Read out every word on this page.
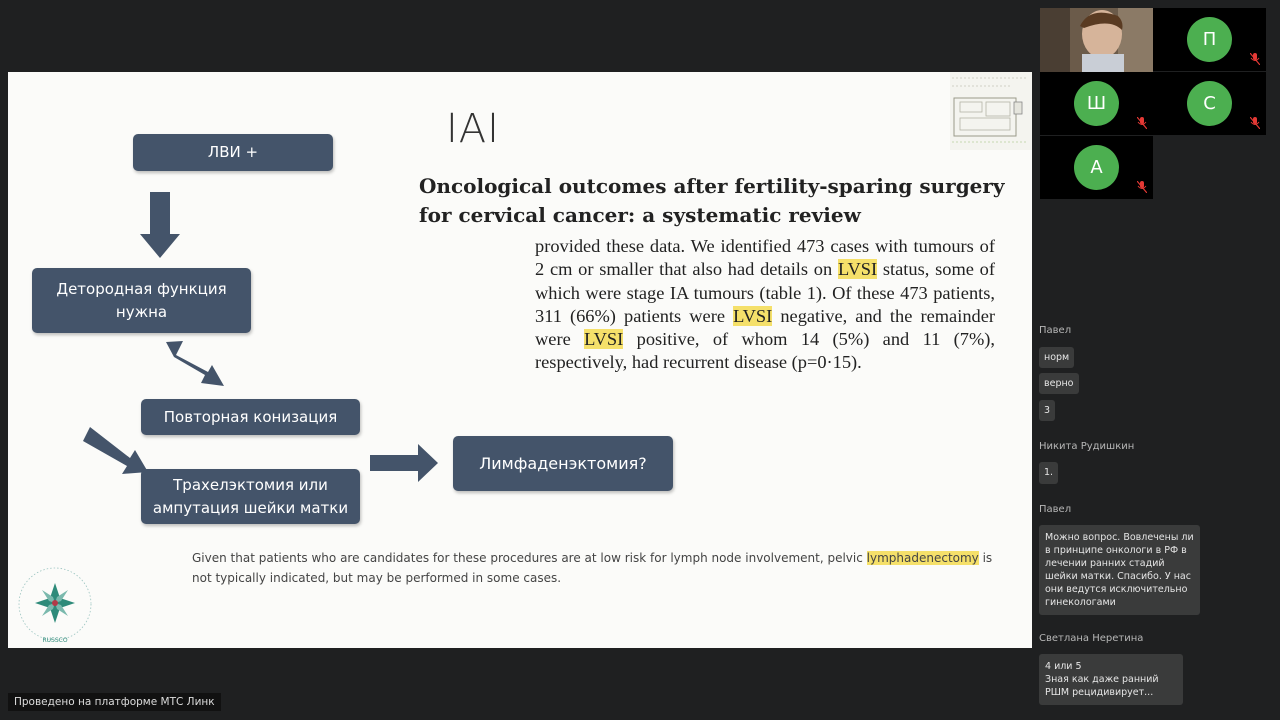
ЛВИ +
Детородная функция
нужна
Повторная конизация
Трахелэктомия или
ампутация шейки матки
Лимфаденэктомия?
IAI
Oncological outcomes after fertility-sparing surgery for cervical cancer: a systematic review
provided these data. We identified 473 cases with tumours of 2 cm or smaller that also had details on LVSI status, some of which were stage IA tumours (table 1). Of these 473 patients, 311 (66%) patients were LVSI negative, and the remainder were LVSI positive, of whom 14 (5%) and 11 (7%), respectively, had recurrent disease (p=0·15).
Given that patients who are candidates for these procedures are at low risk for lymph node involvement, pelvic lymphadenectomy is not typically indicated, but may be performed in some cases.
RUSSCO
П
Ш	С
А
Павел
норм
верно
3
Никита Рудишкин
1.
Павел
Можно вопрос. Вовлечены ли в принципе онкологи в РФ в лечении ранних стадий шейки матки. Спасибо. У нас они ведутся исключительно гинекологами
Светлана Неретина
4 или 5
Зная как даже ранний РШМ рецидивирует...
Проведено на платформе МТС Линк
